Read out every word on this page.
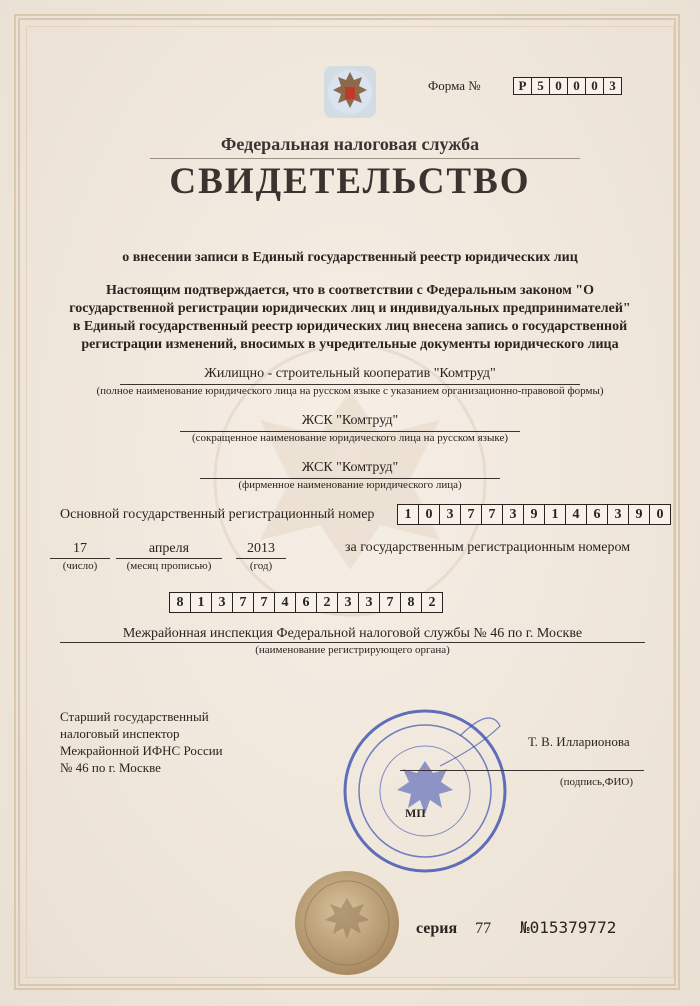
Форма №	Р 5 0 0 0 3
Федеральная налоговая служба
СВИДЕТЕЛЬСТВО
о внесении записи в Единый государственный реестр юридических лиц
Настоящим подтверждается, что в соответствии с Федеральным законом "О
государственной регистрации юридических лиц и индивидуальных предпринимателей"
в Единый государственный реестр юридических лиц внесена запись о государственной
регистрации изменений, вносимых в учредительные документы юридического лица
Жилищно - строительный кооператив "Комтруд"
(полное наименование юридического лица на русском языке с указанием организационно-правовой формы)
ЖСК "Комтруд"
(сокращенное наименование юридического лица на русском языке)
ЖСК "Комтруд"
(фирменное наименование юридического лица)
Основной государственный регистрационный номер	1	0	3	7	7	3	9	1	4	6	3	9	0
17
(число)
апреля
(месяц прописью)
2013
(год)
за государственным регистрационным номером
8	1	3	7	7	4	6	2	3	3	7	8	2
Межрайонная инспекция Федеральной налоговой службы № 46 по г. Москве
(наименование регистрирующего органа)
Старший государственный
налоговый инспектор
Межрайонной ИФНС России
№ 46 по г. Москве
МП
Т. В. Илларионова
(подпись,ФИО)
серия 77 №015379772
